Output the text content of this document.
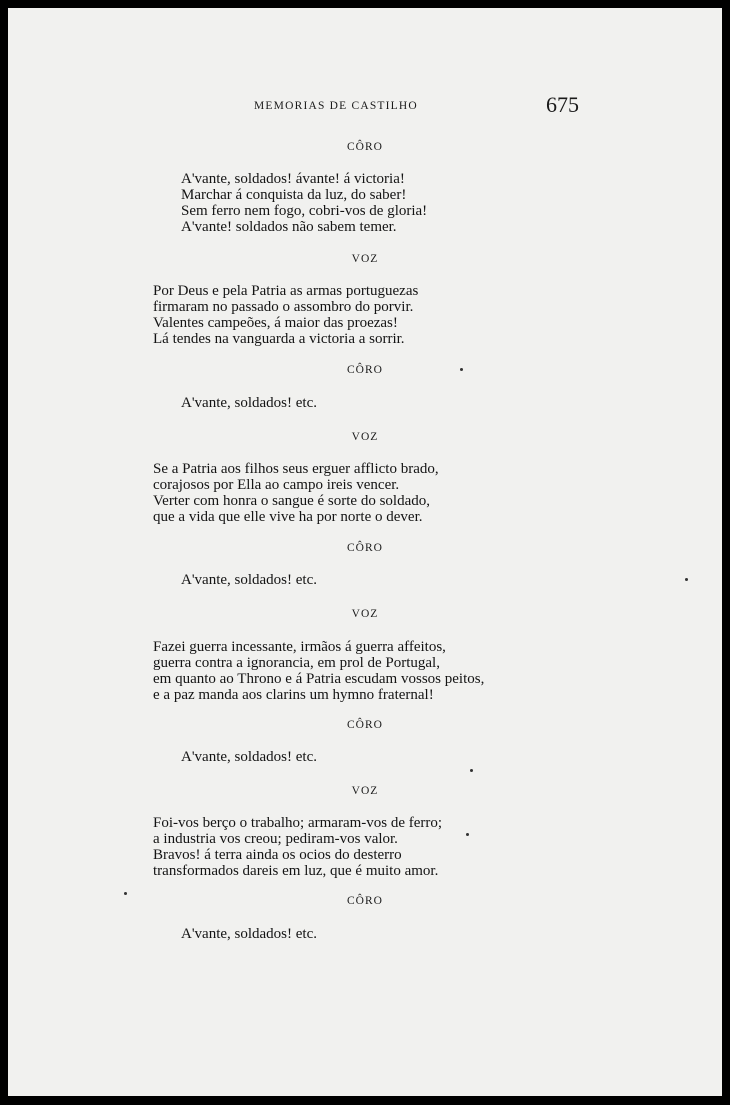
MEMORIAS DE CASTILHO	675
CÔRO
A'vante, soldados! ávante! á victoria!
Marchar á conquista da luz, do saber!
Sem ferro nem fogo, cobri-vos de gloria!
A'vante! soldados não sabem temer.
VOZ
Por Deus e pela Patria as armas portuguezas
firmaram no passado o assombro do porvir.
Valentes campeões, á maior das proezas!
Lá tendes na vanguarda a victoria a sorrir.
CÔRO
A'vante, soldados! etc.
VOZ
Se a Patria aos filhos seus erguer afflicto brado,
corajosos por Ella ao campo ireis vencer.
Verter com honra o sangue é sorte do soldado,
que a vida que elle vive ha por norte o dever.
CÔRO
A'vante, soldados! etc.
VOZ
Fazei guerra incessante, irmãos á guerra affeitos,
guerra contra a ignorancia, em prol de Portugal,
em quanto ao Throno e á Patria escudam vossos peitos,
e a paz manda aos clarins um hymno fraternal!
CÔRO
A'vante, soldados! etc.
VOZ
Foi-vos berço o trabalho; armaram-vos de ferro;
a industria vos creou; pediram-vos valor.
Bravos! á terra ainda os ocios do desterro
transformados dareis em luz, que é muito amor.
CÔRO
A'vante, soldados! etc.
